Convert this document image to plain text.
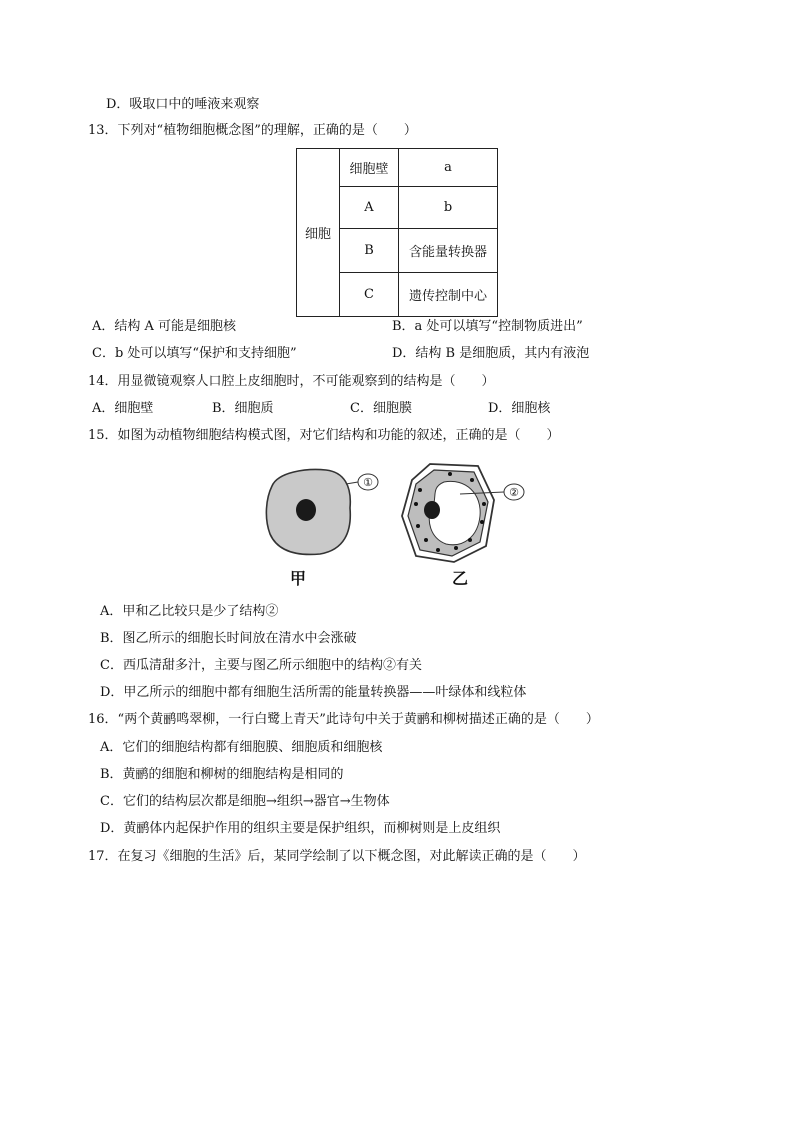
D．吸取口中的唾液来观察
13．下列对“植物细胞概念图”的理解，正确的是（　　）
细胞	细胞壁	a
	A	b
	B	含能量转换器
	C	遗传控制中心
A．结构 A 可能是细胞核	B．a 处可以填写“控制物质进出”
C．b 处可以填写“保护和支持细胞”	D．结构 B 是细胞质，其内有液泡
14．用显微镜观察人口腔上皮细胞时，不可能观察到的结构是（　　）
A．细胞壁	B．细胞质	C．细胞膜	D．细胞核
15．如图为动植物细胞结构模式图，对它们结构和功能的叙述，正确的是（　　）
①
②
甲	乙
A．甲和乙比较只是少了结构②
B．图乙所示的细胞长时间放在清水中会涨破
C．西瓜清甜多汁，主要与图乙所示细胞中的结构②有关
D．甲乙所示的细胞中都有细胞生活所需的能量转换器——叶绿体和线粒体
16．“两个黄鹂鸣翠柳，一行白鹭上青天”此诗句中关于黄鹂和柳树描述正确的是（　　）
A．它们的细胞结构都有细胞膜、细胞质和细胞核
B．黄鹂的细胞和柳树的细胞结构是相同的
C．它们的结构层次都是细胞→组织→器官→生物体
D．黄鹂体内起保护作用的组织主要是保护组织，而柳树则是上皮组织
17．在复习《细胞的生活》后，某同学绘制了以下概念图，对此解读正确的是（　　）
